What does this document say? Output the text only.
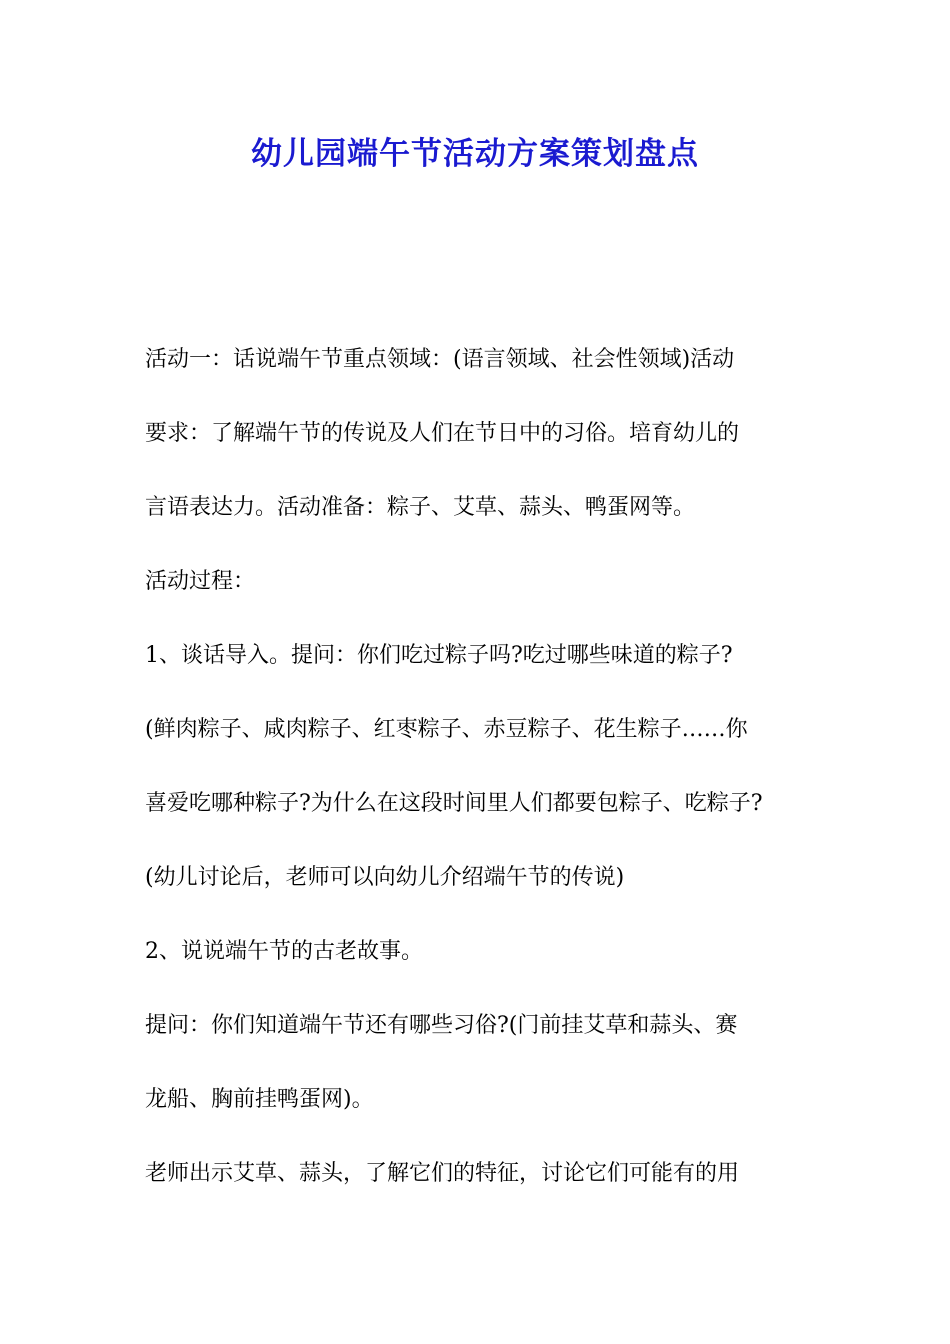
幼儿园端午节活动方案策划盘点

活动一：话说端午节重点领域：(语言领域、社会性领域)活动

要求：了解端午节的传说及人们在节日中的习俗。培育幼儿的

言语表达力。活动准备：粽子、艾草、蒜头、鸭蛋网等。

活动过程：

1、谈话导入。提问：你们吃过粽子吗?吃过哪些味道的粽子?

(鲜肉粽子、咸肉粽子、红枣粽子、赤豆粽子、花生粽子……你

喜爱吃哪种粽子?为什么在这段时间里人们都要包粽子、吃粽子?

(幼儿讨论后，老师可以向幼儿介绍端午节的传说)

2、说说端午节的古老故事。

提问：你们知道端午节还有哪些习俗?(门前挂艾草和蒜头、赛

龙船、胸前挂鸭蛋网)。

老师出示艾草、蒜头，了解它们的特征，讨论它们可能有的用
